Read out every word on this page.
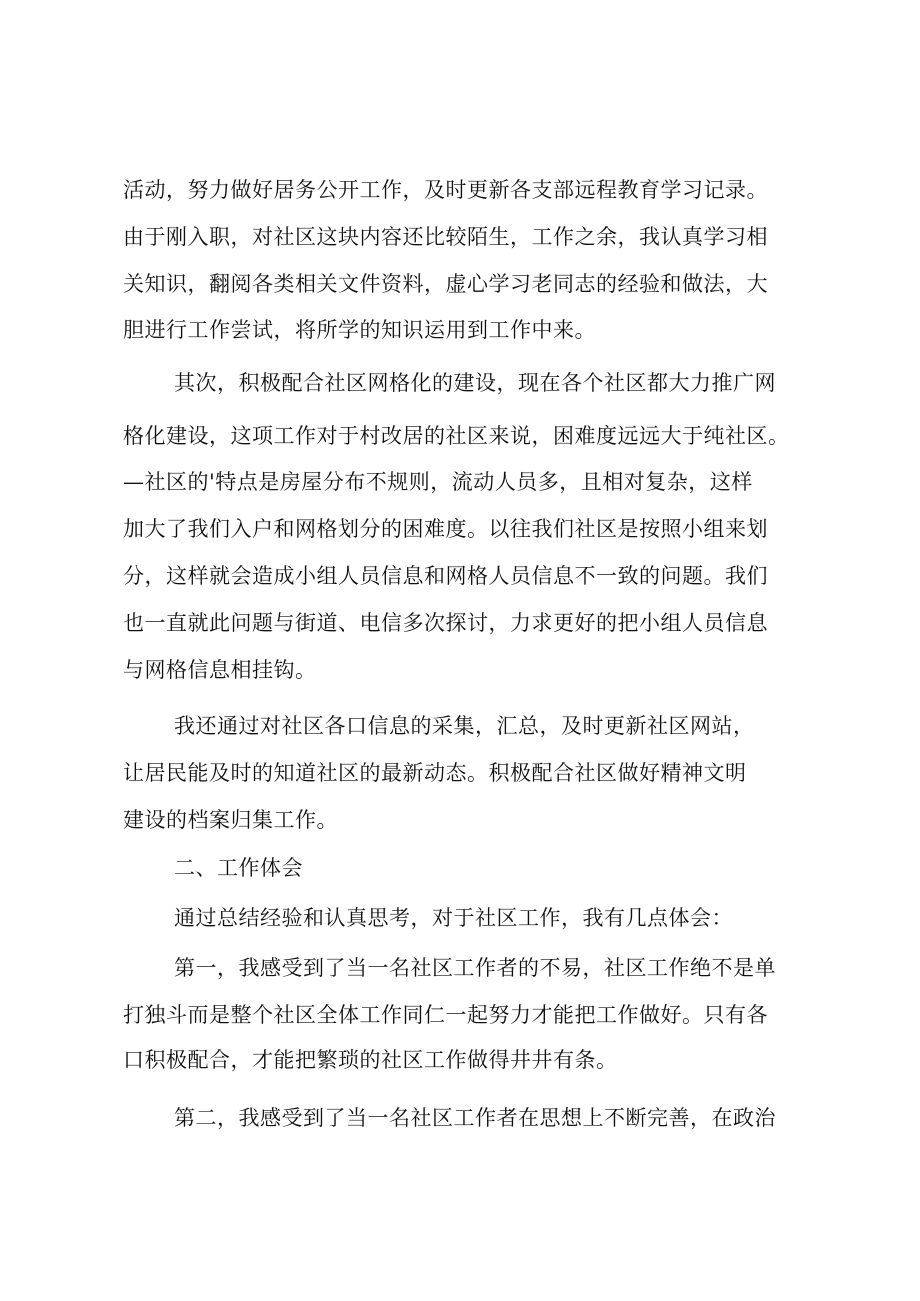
活动，努力做好居务公开工作，及时更新各支部远程教育学习记录。
由于刚入职，对社区这块内容还比较陌生，工作之余，我认真学习相
关知识，翻阅各类相关文件资料，虚心学习老同志的经验和做法，大
胆进行工作尝试，将所学的知识运用到工作中来。
其次，积极配合社区网格化的建设，现在各个社区都大力推广网
格化建设，这项工作对于村改居的社区来说，困难度远远大于纯社区。
—社区的'特点是房屋分布不规则，流动人员多，且相对复杂，这样
加大了我们入户和网格划分的困难度。以往我们社区是按照小组来划
分，这样就会造成小组人员信息和网格人员信息不一致的问题。我们
也一直就此问题与街道、电信多次探讨，力求更好的把小组人员信息
与网格信息相挂钩。
我还通过对社区各口信息的采集，汇总，及时更新社区网站，
让居民能及时的知道社区的最新动态。积极配合社区做好精神文明
建设的档案归集工作。
二、工作体会
通过总结经验和认真思考，对于社区工作，我有几点体会：
第一，我感受到了当一名社区工作者的不易，社区工作绝不是单
打独斗而是整个社区全体工作同仁一起努力才能把工作做好。只有各
口积极配合，才能把繁琐的社区工作做得井井有条。
第二，我感受到了当一名社区工作者在思想上不断完善，在政治
